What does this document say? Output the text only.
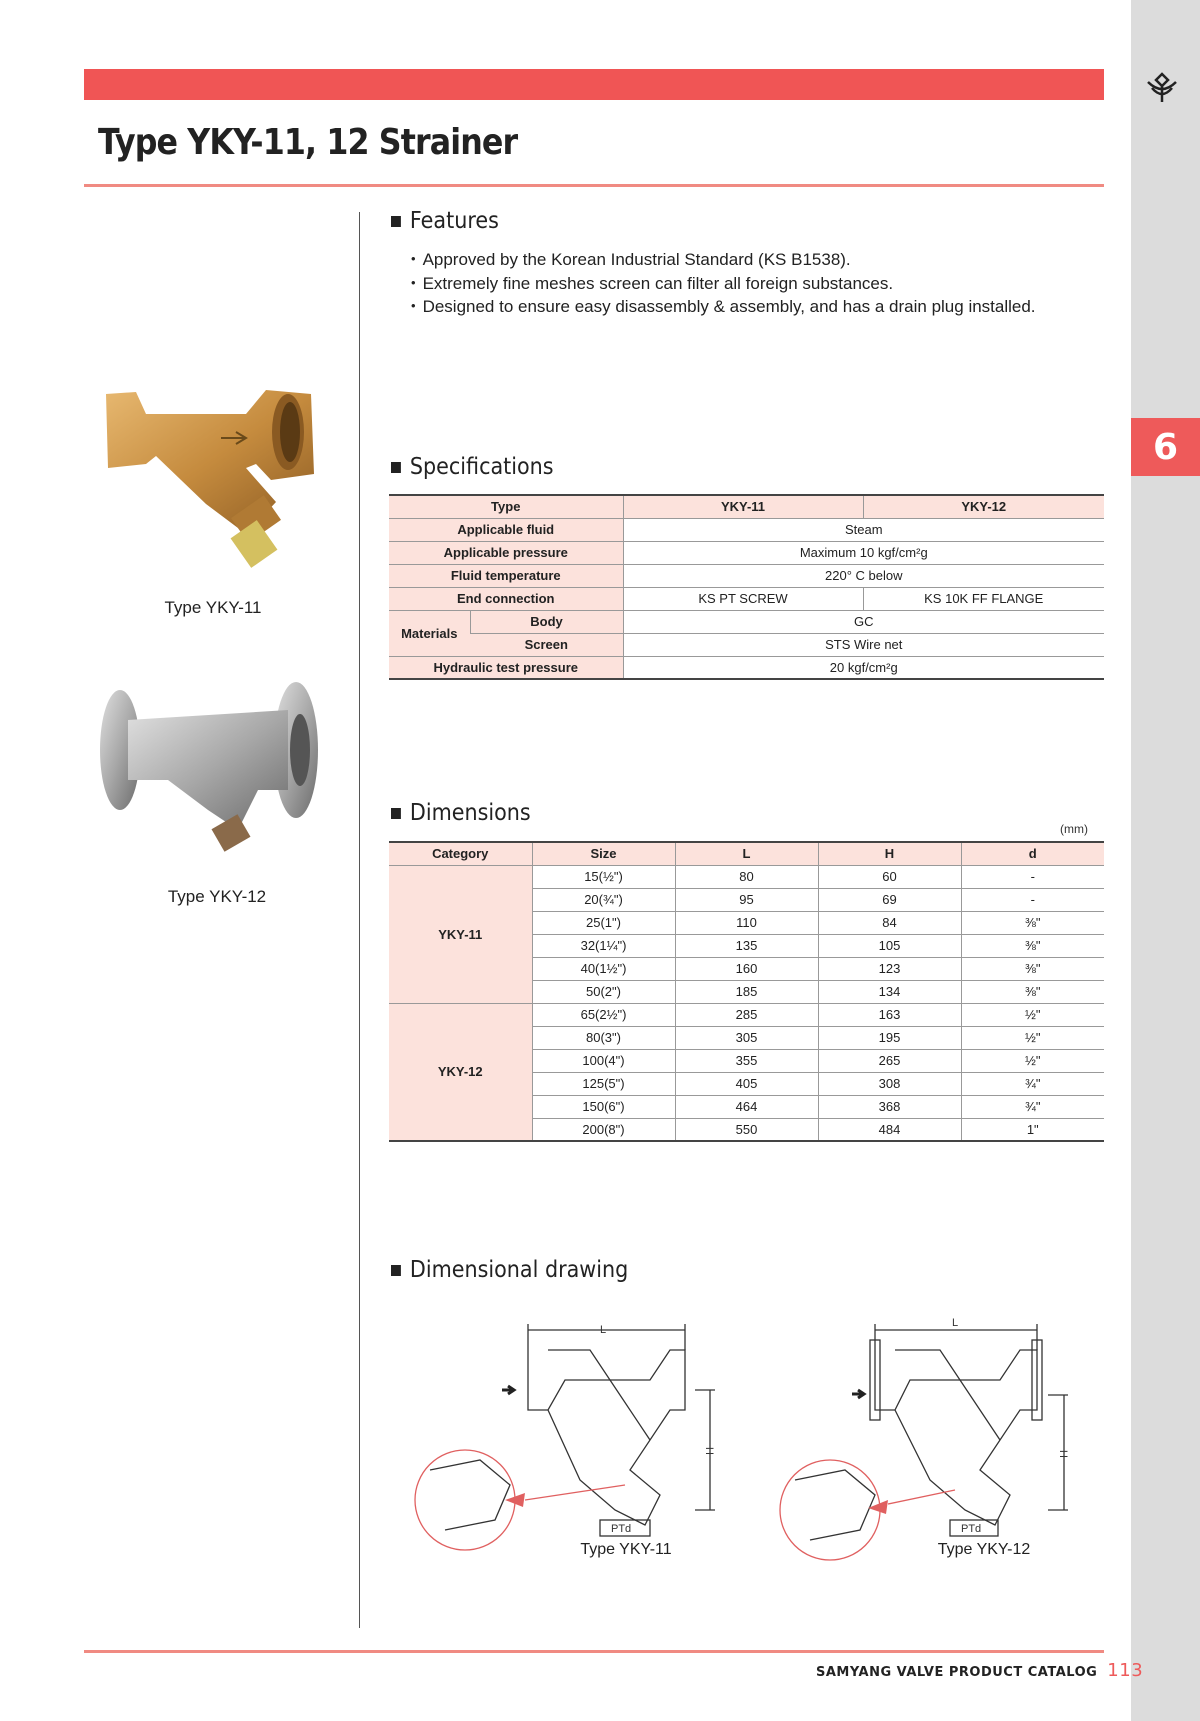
6
Type YKY-11, 12 Strainer
Type YKY-11
Type YKY-12
Features
• Approved by the Korean Industrial Standard (KS B1538).
• Extremely fine meshes screen can filter all foreign substances.
• Designed to ensure easy disassembly & assembly, and has a drain plug installed.
Specifications
Type		YKY-11	YKY-12
Applicable fluid		Steam	
Applicable pressure		Maximum 10 kgf/cm²g	
Fluid temperature		220° C below	
End connection		KS PT SCREW	KS 10K FF FLANGE
Materials	Body	GC	
	Screen	STS Wire net	
Hydraulic test pressure		20 kgf/cm²g	
Dimensions
(mm)
Category	Size	L	H	d
YKY-11	15(½")	80	60	-
	20(¾")	95	69	-
	25(1")	110	84	⅜"
	32(1¼")	135	105	⅜"
	40(1½")	160	123	⅜"
	50(2")	185	134	⅜"
YKY-12	65(2½")	285	163	½"
	80(3")	305	195	½"
	100(4")	355	265	½"
	125(5")	405	308	¾"
	150(6")	464	368	¾"
	200(8")	550	484	1"
Dimensional drawing
L
H
PTd
Type YKY-11
L
H
PTd
Type YKY-12
SAMYANG VALVE PRODUCT CATALOG 113
